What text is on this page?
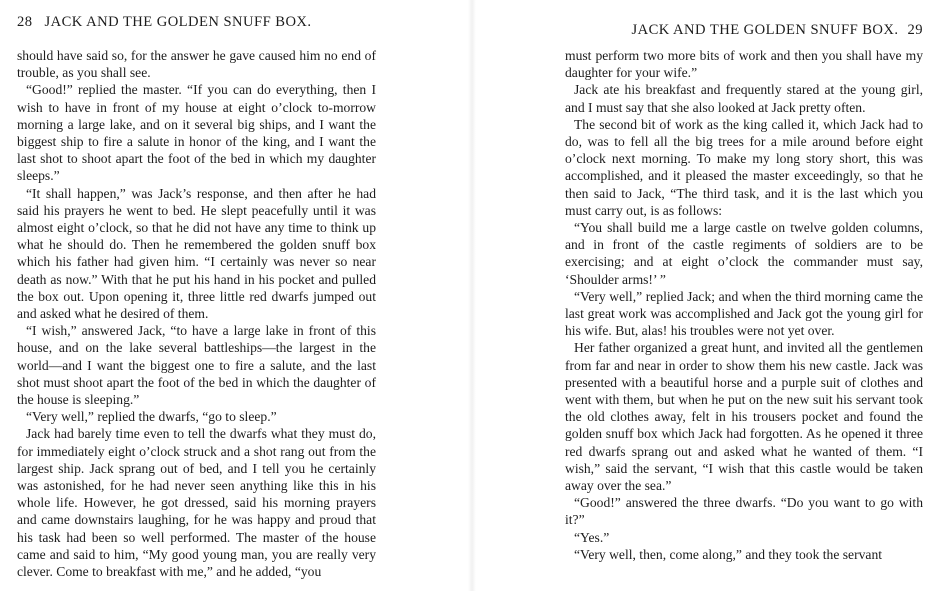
28 JACK AND THE GOLDEN SNUFF BOX.

should have said so, for the answer he gave caused him no end of trouble, as you shall see.

“Good!” replied the master. “If you can do everything, then I wish to have in front of my house at eight o’clock to-morrow morning a large lake, and on it several big ships, and I want the biggest ship to fire a salute in honor of the king, and I want the last shot to shoot apart the foot of the bed in which my daughter sleeps.”

“It shall happen,” was Jack’s response, and then after he had said his prayers he went to bed. He slept peacefully until it was almost eight o’clock, so that he did not have any time to think up what he should do. Then he remembered the golden snuff box which his father had given him. “I certainly was never so near death as now.” With that he put his hand in his pocket and pulled the box out. Upon opening it, three little red dwarfs jumped out and asked what he desired of them.

“I wish,” answered Jack, “to have a large lake in front of this house, and on the lake several battleships—the largest in the world—and I want the biggest one to fire a salute, and the last shot must shoot apart the foot of the bed in which the daughter of the house is sleeping.”

“Very well,” replied the dwarfs, “go to sleep.”

Jack had barely time even to tell the dwarfs what they must do, for immediately eight o’clock struck and a shot rang out from the largest ship. Jack sprang out of bed, and I tell you he certainly was astonished, for he had never seen anything like this in his whole life. However, he got dressed, said his morning prayers and came downstairs laughing, for he was happy and proud that his task had been so well performed. The master of the house came and said to him, “My good young man, you are really very clever. Come to breakfast with me,” and he added, “you

JACK AND THE GOLDEN SNUFF BOX. 29

must perform two more bits of work and then you shall have my daughter for your wife.”

Jack ate his breakfast and frequently stared at the young girl, and I must say that she also looked at Jack pretty often.

The second bit of work as the king called it, which Jack had to do, was to fell all the big trees for a mile around before eight o’clock next morning. To make my long story short, this was accomplished, and it pleased the master exceedingly, so that he then said to Jack, “The third task, and it is the last which you must carry out, is as follows:

“You shall build me a large castle on twelve golden columns, and in front of the castle regiments of soldiers are to be exercising; and at eight o’clock the commander must say, ‘Shoulder arms!’ ”

“Very well,” replied Jack; and when the third morning came the last great work was accomplished and Jack got the young girl for his wife. But, alas! his troubles were not yet over.

Her father organized a great hunt, and invited all the gentlemen from far and near in order to show them his new castle. Jack was presented with a beautiful horse and a purple suit of clothes and went with them, but when he put on the new suit his servant took the old clothes away, felt in his trousers pocket and found the golden snuff box which Jack had forgotten. As he opened it three red dwarfs sprang out and asked what he wanted of them. “I wish,” said the servant, “I wish that this castle would be taken away over the sea.”

“Good!” answered the three dwarfs. “Do you want to go with it?”

“Yes.”

“Very well, then, come along,” and they took the servant
